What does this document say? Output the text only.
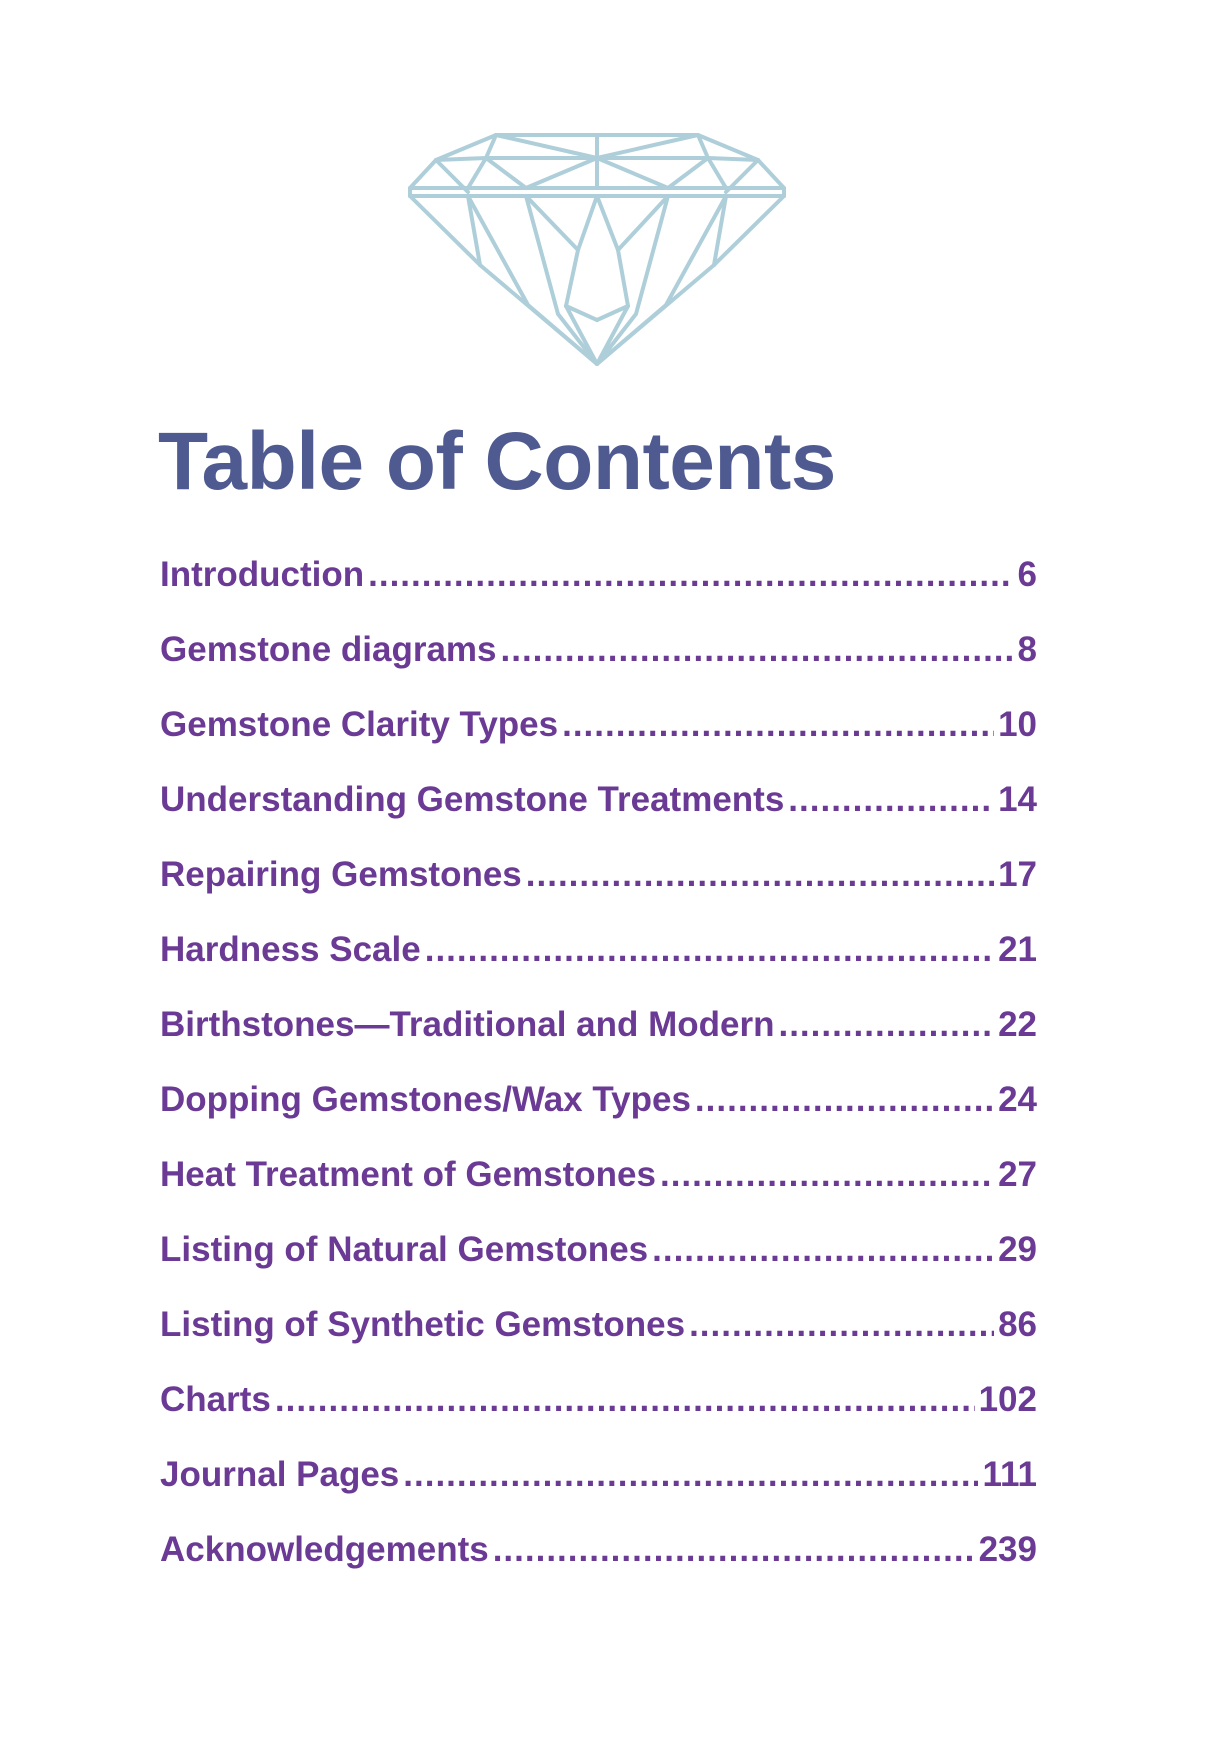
Table of Contents
Introduction .....	6
Gemstone diagrams .....	8
Gemstone Clarity Types .....	10
Understanding Gemstone Treatments .....	14
Repairing Gemstones .....	17
Hardness Scale .....	21
Birthstones—Traditional and Modern .....	22
Dopping Gemstones/Wax Types .....	24
Heat Treatment of Gemstones .....	27
Listing of Natural Gemstones .....	29
Listing of Synthetic Gemstones .....	86
Charts .....	102
Journal Pages .....	111
Acknowledgements .....	239
